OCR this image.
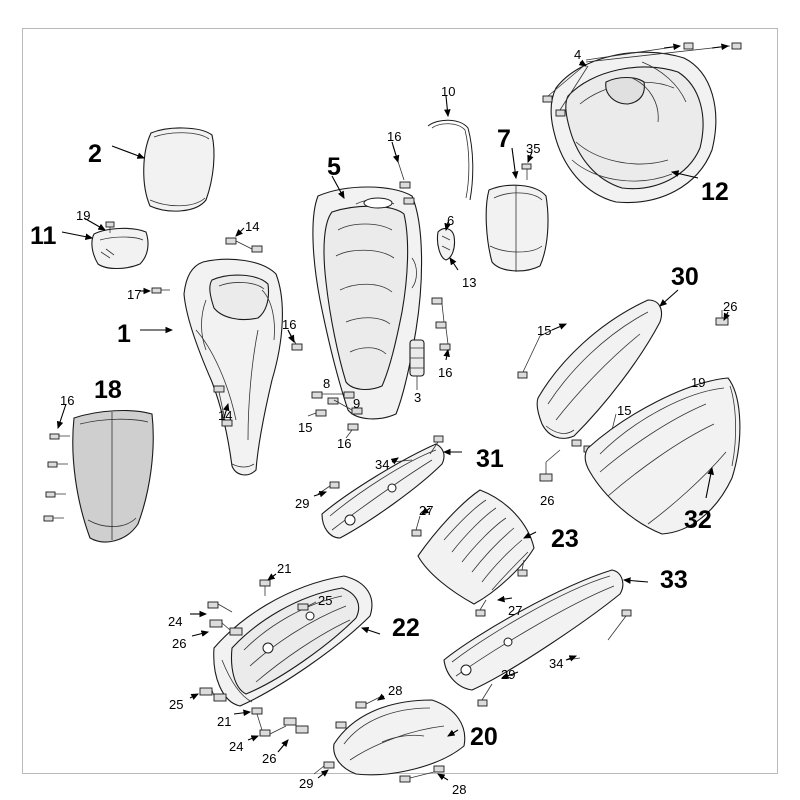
2
11
1
18
5
7
12
30
31
23
32
33
22
20
4
10
16
35
19
14	6
13
17
16	15
26
19
16
3
8
9
16
14
15
15
16
34
26
29	27
27
21
25
24
26
25
21
24
26
28
29	28
29
34
